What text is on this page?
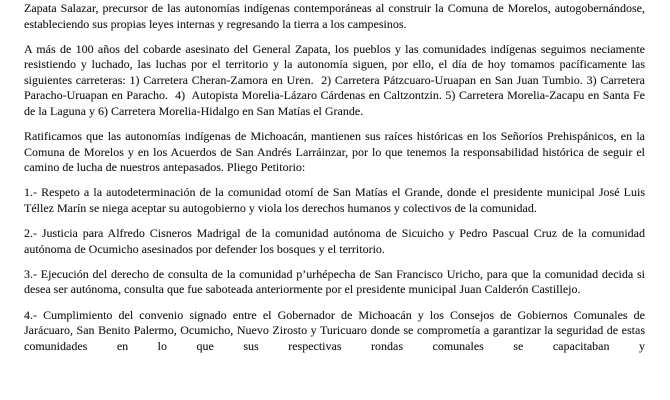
Zapata Salazar, precursor de las autonomías indígenas contemporáneas al construir la Comuna de Morelos, autogobernándose, estableciendo sus propias leyes internas y regresando la tierra a los campesinos.

A más de 100 años del cobarde asesinato del General Zapata, los pueblos y las comunidades indígenas seguimos neciamente resistiendo y luchado, las luchas por el territorio y la autonomía siguen, por ello, el día de hoy tomamos pacíficamente las siguientes carreteras: 1) Carretera Cheran-Zamora en Uren.  2) Carretera Pátzcuaro-Uruapan en San Juan Tumbio. 3) Carretera Paracho-Uruapan en Paracho.  4)  Autopista Morelia-Lázaro Cárdenas en Caltzontzin. 5) Carretera Morelia-Zacapu en Santa Fe de la Laguna y 6) Carretera Morelia-Hidalgo en San Matías el Grande.

Ratificamos que las autonomías indígenas de Michoacán, mantienen sus raíces históricas en los Señoríos Prehispánicos, en la Comuna de Morelos y en los Acuerdos de San Andrés Larráinzar, por lo que tenemos la responsabilidad histórica de seguir el camino de lucha de nuestros antepasados. Pliego Petitorio:

1.- Respeto a la autodeterminación de la comunidad otomí de San Matías el Grande, donde el presidente municipal José Luis Téllez Marín se niega aceptar su autogobierno y viola los derechos humanos y colectivos de la comunidad.

2.- Justicia para Alfredo Cisneros Madrigal de la comunidad autónoma de Sicuicho y Pedro Pascual Cruz de la comunidad autónoma de Ocumicho asesinados por defender los bosques y el territorio.

3.- Ejecución del derecho de consulta de la comunidad p’urhépecha de San Francisco Uricho, para que la comunidad decida si desea ser autónoma, consulta que fue saboteada anteriormente por el presidente municipal Juan Calderón Castillejo.

4.- Cumplimiento del convenio signado entre el Gobernador de Michoacán y los Consejos de Gobiernos Comunales de Jarácuaro, San Benito Palermo, Ocumicho, Nuevo Zirosto y Turicuaro donde se comprometía a garantizar la seguridad de estas comunidades en lo que sus respectivas rondas comunales se capacitaban y
